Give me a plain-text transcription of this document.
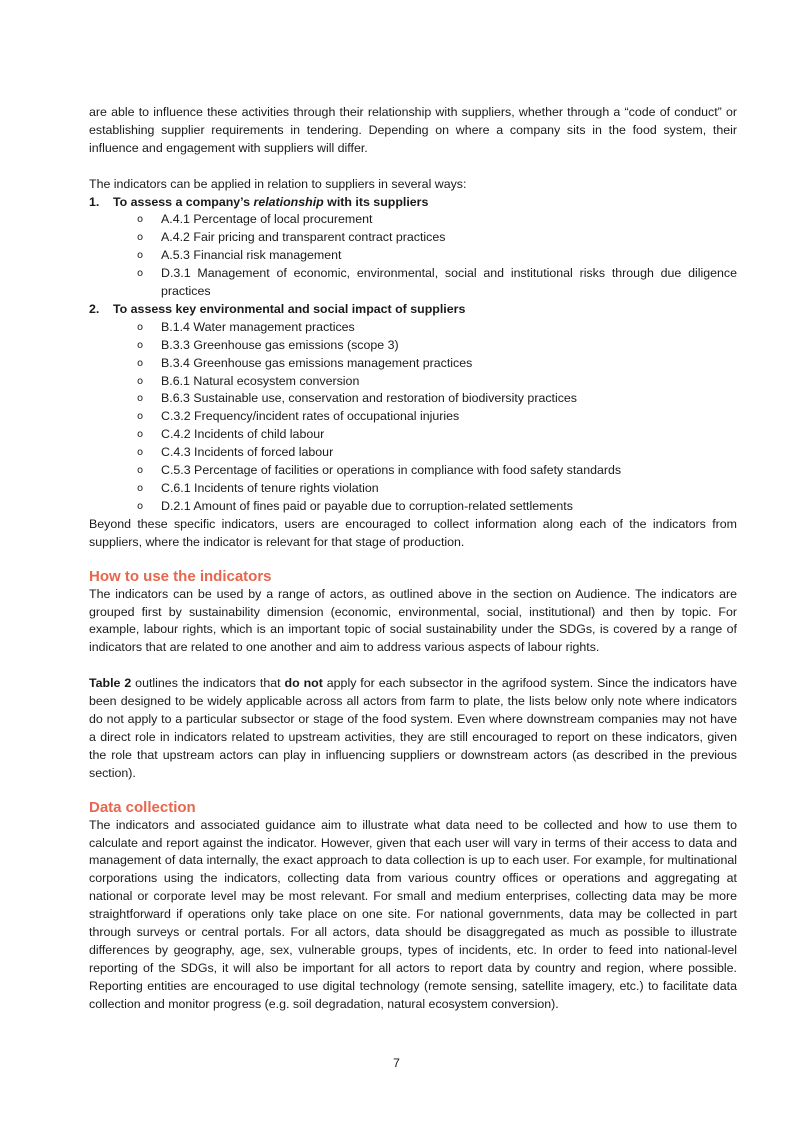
are able to influence these activities through their relationship with suppliers, whether through a “code of conduct” or establishing supplier requirements in tendering. Depending on where a company sits in the food system, their influence and engagement with suppliers will differ.

The indicators can be applied in relation to suppliers in several ways:

1. To assess a company’s relationship with its suppliers

o A.4.1 Percentage of local procurement
o A.4.2 Fair pricing and transparent contract practices
o A.5.3 Financial risk management
o D.3.1 Management of economic, environmental, social and institutional risks through due diligence practices

2. To assess key environmental and social impact of suppliers

o B.1.4 Water management practices
o B.3.3 Greenhouse gas emissions (scope 3)
o B.3.4 Greenhouse gas emissions management practices
o B.6.1 Natural ecosystem conversion
o B.6.3 Sustainable use, conservation and restoration of biodiversity practices
o C.3.2 Frequency/incident rates of occupational injuries
o C.4.2 Incidents of child labour
o C.4.3 Incidents of forced labour
o C.5.3 Percentage of facilities or operations in compliance with food safety standards
o C.6.1 Incidents of tenure rights violation
o D.2.1 Amount of fines paid or payable due to corruption-related settlements

Beyond these specific indicators, users are encouraged to collect information along each of the indicators from suppliers, where the indicator is relevant for that stage of production.

How to use the indicators

The indicators can be used by a range of actors, as outlined above in the section on Audience. The indicators are grouped first by sustainability dimension (economic, environmental, social, institutional) and then by topic. For example, labour rights, which is an important topic of social sustainability under the SDGs, is covered by a range of indicators that are related to one another and aim to address various aspects of labour rights.

Table 2 outlines the indicators that do not apply for each subsector in the agrifood system. Since the indicators have been designed to be widely applicable across all actors from farm to plate, the lists below only note where indicators do not apply to a particular subsector or stage of the food system. Even where downstream companies may not have a direct role in indicators related to upstream activities, they are still encouraged to report on these indicators, given the role that upstream actors can play in influencing suppliers or downstream actors (as described in the previous section).

Data collection

The indicators and associated guidance aim to illustrate what data need to be collected and how to use them to calculate and report against the indicator. However, given that each user will vary in terms of their access to data and management of data internally, the exact approach to data collection is up to each user. For example, for multinational corporations using the indicators, collecting data from various country offices or operations and aggregating at national or corporate level may be most relevant. For small and medium enterprises, collecting data may be more straightforward if operations only take place on one site. For national governments, data may be collected in part through surveys or central portals. For all actors, data should be disaggregated as much as possible to illustrate differences by geography, age, sex, vulnerable groups, types of incidents, etc. In order to feed into national-level reporting of the SDGs, it will also be important for all actors to report data by country and region, where possible. Reporting entities are encouraged to use digital technology (remote sensing, satellite imagery, etc.) to facilitate data collection and monitor progress (e.g. soil degradation, natural ecosystem conversion).

7
